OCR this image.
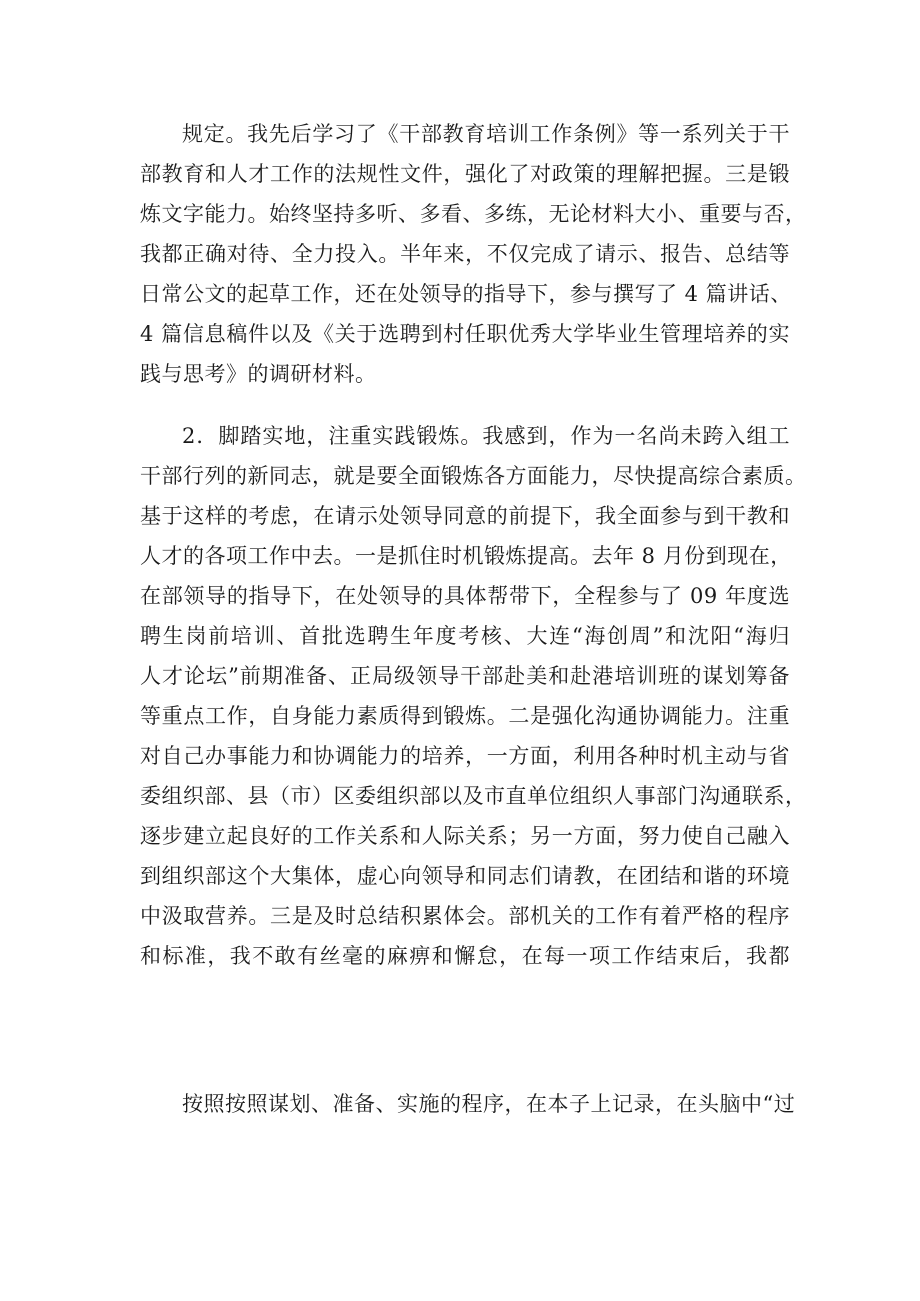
规定。我先后学习了《干部教育培训工作条例》等一系列关于干
部教育和人才工作的法规性文件，强化了对政策的理解把握。三是锻
炼文字能力。始终坚持多听、多看、多练，无论材料大小、重要与否，
我都正确对待、全力投入。半年来，不仅完成了请示、报告、总结等
日常公文的起草工作，还在处领导的指导下，参与撰写了 4 篇讲话、
4 篇信息稿件以及《关于选聘到村任职优秀大学毕业生管理培养的实
践与思考》的调研材料。
2．脚踏实地，注重实践锻炼。我感到，作为一名尚未跨入组工
干部行列的新同志，就是要全面锻炼各方面能力，尽快提高综合素质。
基于这样的考虑，在请示处领导同意的前提下，我全面参与到干教和
人才的各项工作中去。一是抓住时机锻炼提高。去年 8 月份到现在，
在部领导的指导下，在处领导的具体帮带下，全程参与了 09 年度选
聘生岗前培训、首批选聘生年度考核、大连“海创周”和沈阳“海归
人才论坛”前期准备、正局级领导干部赴美和赴港培训班的谋划筹备
等重点工作，自身能力素质得到锻炼。二是强化沟通协调能力。注重
对自己办事能力和协调能力的培养，一方面，利用各种时机主动与省
委组织部、县（市）区委组织部以及市直单位组织人事部门沟通联系，
逐步建立起良好的工作关系和人际关系；另一方面，努力使自己融入
到组织部这个大集体，虚心向领导和同志们请教，在团结和谐的环境
中汲取营养。三是及时总结积累体会。部机关的工作有着严格的程序
和标准，我不敢有丝毫的麻痹和懈怠，在每一项工作结束后，我都
按照按照谋划、准备、实施的程序，在本子上记录，在头脑中“过
